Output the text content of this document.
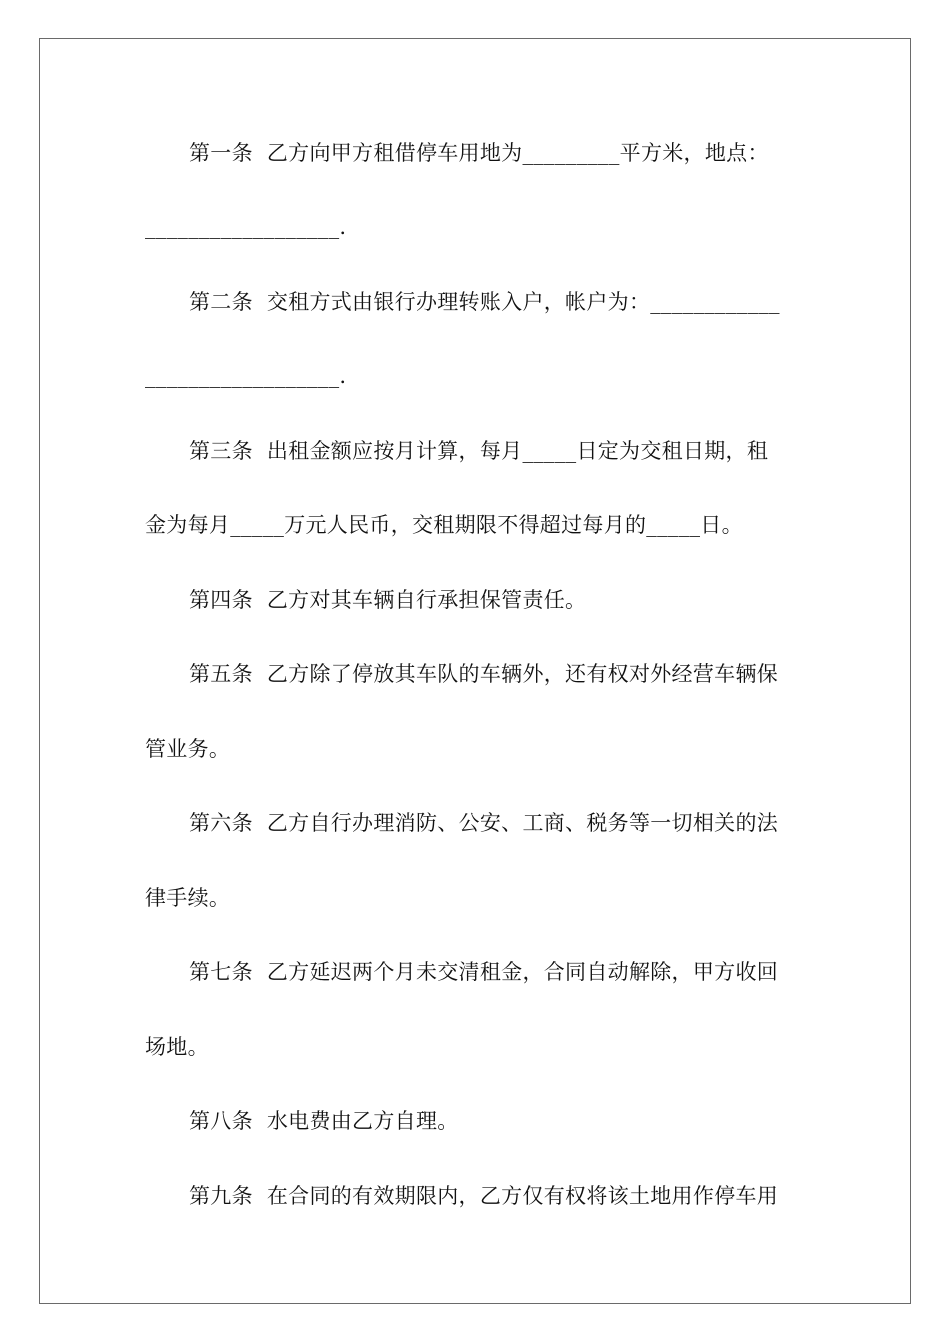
第一条  乙方向甲方租借停车用地为_________平方米，地点：
__________________.
第二条  交租方式由银行办理转账入户，帐户为：____________
__________________.
第三条  出租金额应按月计算，每月_____日定为交租日期，租
金为每月_____万元人民币，交租期限不得超过每月的_____日。
第四条  乙方对其车辆自行承担保管责任。
第五条  乙方除了停放其车队的车辆外，还有权对外经营车辆保
管业务。
第六条  乙方自行办理消防、公安、工商、税务等一切相关的法
律手续。
第七条  乙方延迟两个月未交清租金，合同自动解除，甲方收回
场地。
第八条  水电费由乙方自理。
第九条  在合同的有效期限内，乙方仅有权将该土地用作停车用
